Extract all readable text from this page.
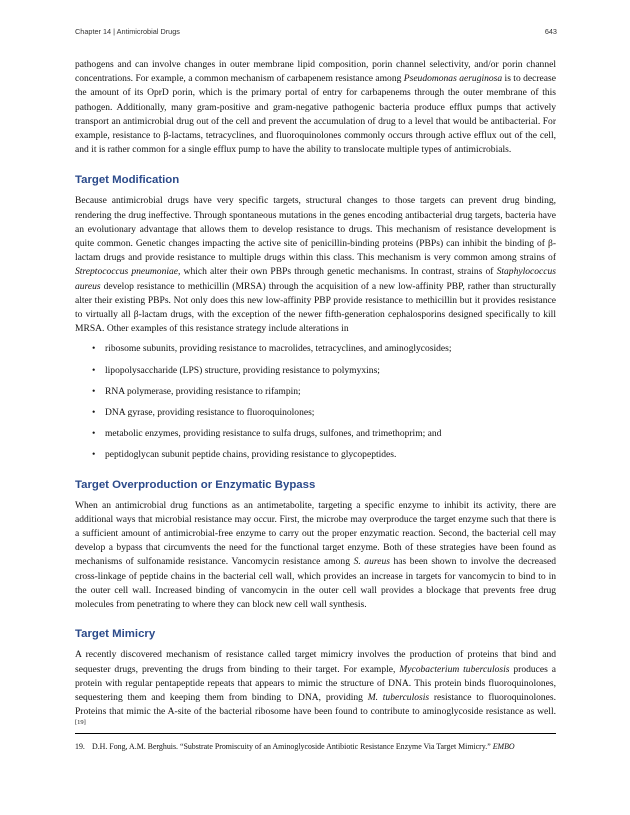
Chapter 14 | Antimicrobial Drugs	643

pathogens and can involve changes in outer membrane lipid composition, porin channel selectivity, and/or porin channel concentrations. For example, a common mechanism of carbapenem resistance among Pseudomonas aeruginosa is to decrease the amount of its OprD porin, which is the primary portal of entry for carbapenems through the outer membrane of this pathogen. Additionally, many gram-positive and gram-negative pathogenic bacteria produce efflux pumps that actively transport an antimicrobial drug out of the cell and prevent the accumulation of drug to a level that would be antibacterial. For example, resistance to β-lactams, tetracyclines, and fluoroquinolones commonly occurs through active efflux out of the cell, and it is rather common for a single efflux pump to have the ability to translocate multiple types of antimicrobials.

Target Modification

Because antimicrobial drugs have very specific targets, structural changes to those targets can prevent drug binding, rendering the drug ineffective. Through spontaneous mutations in the genes encoding antibacterial drug targets, bacteria have an evolutionary advantage that allows them to develop resistance to drugs. This mechanism of resistance development is quite common. Genetic changes impacting the active site of penicillin-binding proteins (PBPs) can inhibit the binding of β-lactam drugs and provide resistance to multiple drugs within this class. This mechanism is very common among strains of Streptococcus pneumoniae, which alter their own PBPs through genetic mechanisms. In contrast, strains of Staphylococcus aureus develop resistance to methicillin (MRSA) through the acquisition of a new low-affinity PBP, rather than structurally alter their existing PBPs. Not only does this new low-affinity PBP provide resistance to methicillin but it provides resistance to virtually all β-lactam drugs, with the exception of the newer fifth-generation cephalosporins designed specifically to kill MRSA. Other examples of this resistance strategy include alterations in

• ribosome subunits, providing resistance to macrolides, tetracyclines, and aminoglycosides;
• lipopolysaccharide (LPS) structure, providing resistance to polymyxins;
• RNA polymerase, providing resistance to rifampin;
• DNA gyrase, providing resistance to fluoroquinolones;
• metabolic enzymes, providing resistance to sulfa drugs, sulfones, and trimethoprim; and
• peptidoglycan subunit peptide chains, providing resistance to glycopeptides.
Target Overproduction or Enzymatic Bypass

When an antimicrobial drug functions as an antimetabolite, targeting a specific enzyme to inhibit its activity, there are additional ways that microbial resistance may occur. First, the microbe may overproduce the target enzyme such that there is a sufficient amount of antimicrobial-free enzyme to carry out the proper enzymatic reaction. Second, the bacterial cell may develop a bypass that circumvents the need for the functional target enzyme. Both of these strategies have been found as mechanisms of sulfonamide resistance. Vancomycin resistance among S. aureus has been shown to involve the decreased cross-linkage of peptide chains in the bacterial cell wall, which provides an increase in targets for vancomycin to bind to in the outer cell wall. Increased binding of vancomycin in the outer cell wall provides a blockage that prevents free drug molecules from penetrating to where they can block new cell wall synthesis.

Target Mimicry

A recently discovered mechanism of resistance called target mimicry involves the production of proteins that bind and sequester drugs, preventing the drugs from binding to their target. For example, Mycobacterium tuberculosis produces a protein with regular pentapeptide repeats that appears to mimic the structure of DNA. This protein binds fluoroquinolones, sequestering them and keeping them from binding to DNA, providing M. tuberculosis resistance to fluoroquinolones. Proteins that mimic the A-site of the bacterial ribosome have been found to contribute to aminoglycoside resistance as well.[19]

19. D.H. Fong, A.M. Berghuis. “Substrate Promiscuity of an Aminoglycoside Antibiotic Resistance Enzyme Via Target Mimicry.” EMBO
